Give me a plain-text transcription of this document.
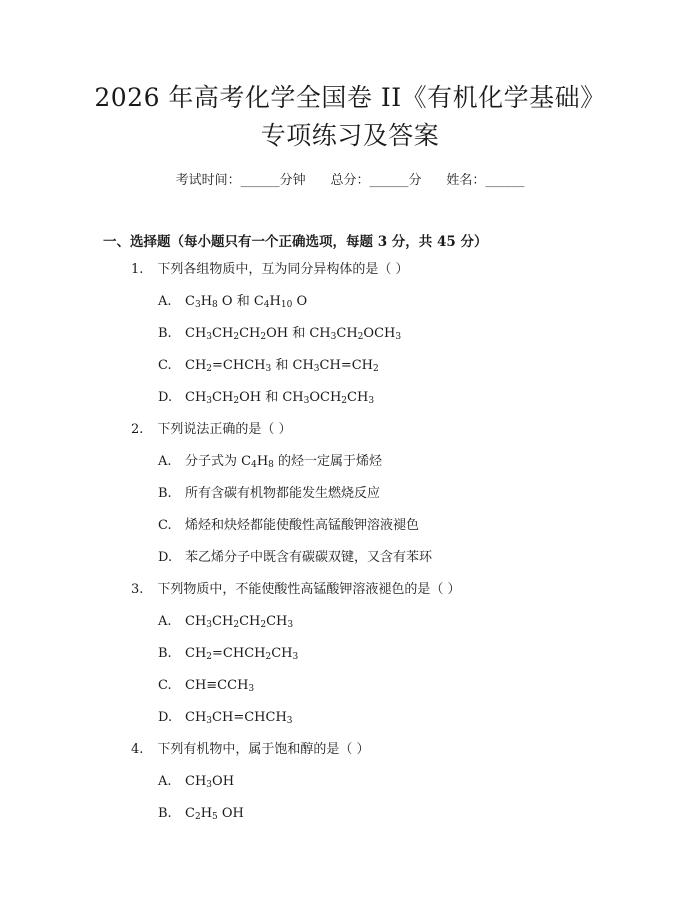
2026 年高考化学全国卷 II《有机化学基础》
专项练习及答案
考试时间：______分钟 总分：______分 姓名：______
一、选择题（每小题只有一个正确选项，每题 3 分，共 45 分）
1. 下列各组物质中，互为同分异构体的是（ ）
A. $C_3H_8$ O 和 $C_4H_{10}$ O
B. $CH_3CH_2CH_2OH$ 和 $CH_3CH_2OCH_3$
C. $CH_2=CHCH_3$ 和 $CH_3CH=CH_2$
D. $CH_3CH_2OH$ 和 $CH_3OCH_2CH_3$
2. 下列说法正确的是（ ）
A. 分子式为 $C_4H_8$ 的烃一定属于烯烃
B. 所有含碳有机物都能发生燃烧反应
C. 烯烃和炔烃都能使酸性高锰酸钾溶液褪色
D. 苯乙烯分子中既含有碳碳双键，又含有苯环
3. 下列物质中，不能使酸性高锰酸钾溶液褪色的是（ ）
A. $CH_3CH_2CH_2CH_3$
B. $CH_2=CHCH_2CH_3$
C. $CH\equiv CCH_3$
D. $CH_3CH=CHCH_3$
4. 下列有机物中，属于饱和醇的是（ ）
A. $CH_3OH$
B. $C_2H_5$ OH
